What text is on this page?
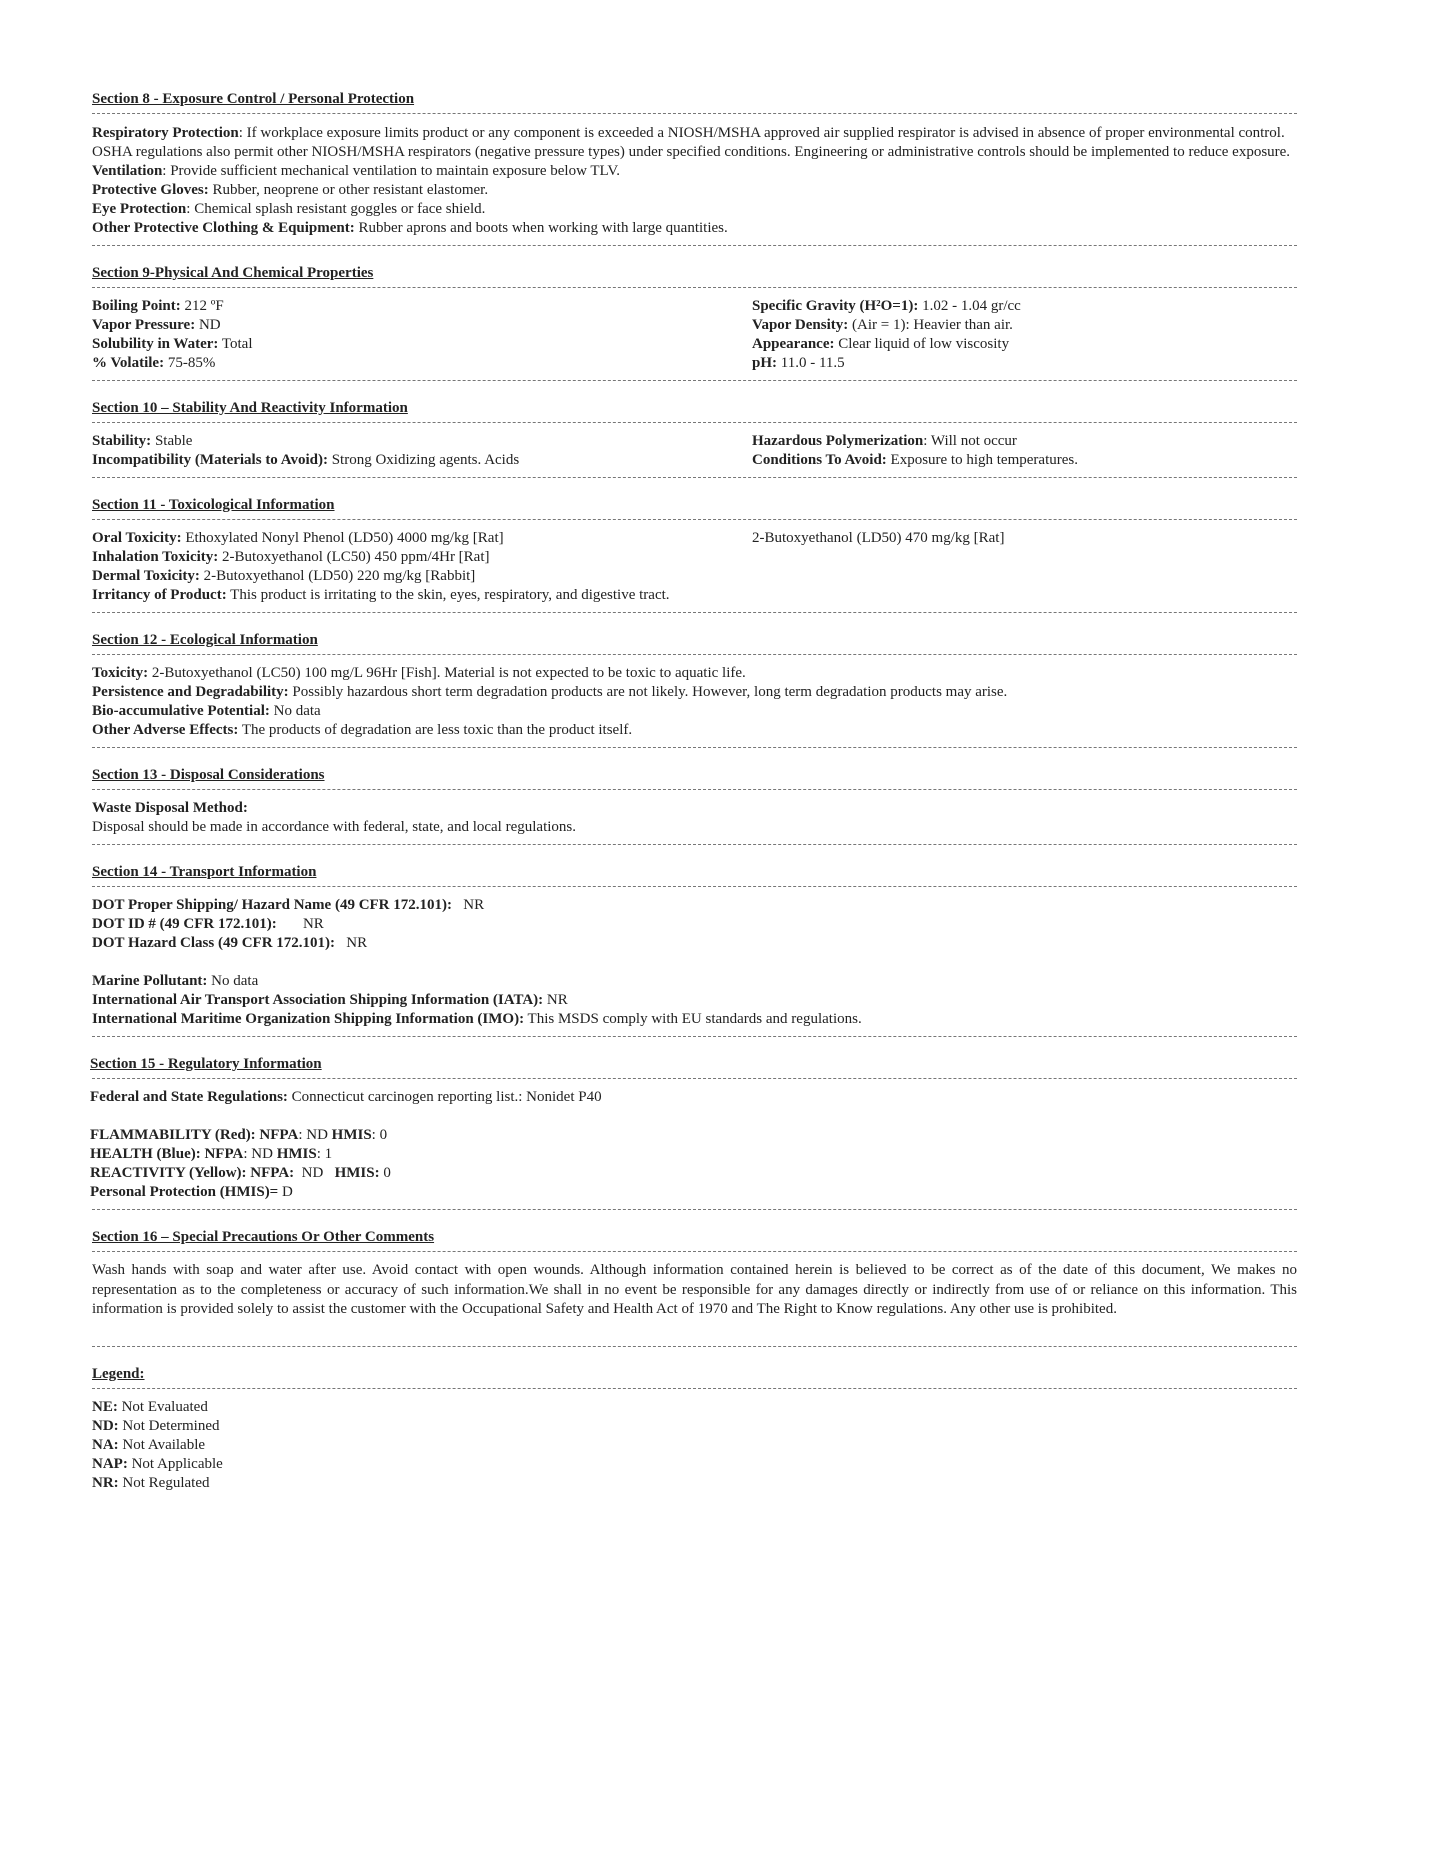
Section 8 - Exposure Control / Personal Protection
Respiratory Protection: If workplace exposure limits product or any component is exceeded a NIOSH/MSHA approved air supplied respirator is advised in absence of proper environmental control. OSHA regulations also permit other NIOSH/MSHA respirators (negative pressure types) under specified conditions. Engineering or administrative controls should be implemented to reduce exposure.
Ventilation: Provide sufficient mechanical ventilation to maintain exposure below TLV.
Protective Gloves: Rubber, neoprene or other resistant elastomer.
Eye Protection: Chemical splash resistant goggles or face shield.
Other Protective Clothing & Equipment: Rubber aprons and boots when working with large quantities.
Section 9-Physical And Chemical Properties
Boiling Point: 212 ºF
Vapor Pressure: ND
Solubility in Water: Total
% Volatile: 75-85%
Specific Gravity (H²O=1): 1.02 - 1.04 gr/cc
Vapor Density: (Air = 1): Heavier than air.
Appearance: Clear liquid of low viscosity
pH: 11.0 - 11.5
Section 10 – Stability And Reactivity Information
Stability: Stable
Incompatibility (Materials to Avoid): Strong Oxidizing agents. Acids
Hazardous Polymerization: Will not occur
Conditions To Avoid: Exposure to high temperatures.
Section 11 - Toxicological Information
Oral Toxicity: Ethoxylated Nonyl Phenol (LD50) 4000 mg/kg [Rat]	2-Butoxyethanol (LD50) 470 mg/kg [Rat]
Inhalation Toxicity: 2-Butoxyethanol (LC50) 450 ppm/4Hr [Rat]
Dermal Toxicity: 2-Butoxyethanol (LD50) 220 mg/kg [Rabbit]
Irritancy of Product: This product is irritating to the skin, eyes, respiratory, and digestive tract.
Section 12 - Ecological Information
Toxicity: 2-Butoxyethanol (LC50) 100 mg/L 96Hr [Fish]. Material is not expected to be toxic to aquatic life.
Persistence and Degradability: Possibly hazardous short term degradation products are not likely. However, long term degradation products may arise.
Bio-accumulative Potential: No data
Other Adverse Effects: The products of degradation are less toxic than the product itself.
Section 13 - Disposal Considerations
Waste Disposal Method:
Disposal should be made in accordance with federal, state, and local regulations.
Section 14 - Transport Information
DOT Proper Shipping/ Hazard Name (49 CFR 172.101):   NR
DOT ID # (49 CFR 172.101):       NR
DOT Hazard Class (49 CFR 172.101):   NR
Marine Pollutant: No data
International Air Transport Association Shipping Information (IATA): NR
International Maritime Organization Shipping Information (IMO): This MSDS comply with EU standards and regulations.
Section 15 - Regulatory Information
Federal and State Regulations: Connecticut carcinogen reporting list.: Nonidet P40
FLAMMABILITY (Red): NFPA: ND HMIS: 0
HEALTH (Blue): NFPA: ND HMIS: 1
REACTIVITY (Yellow): NFPA:  ND   HMIS: 0
Personal Protection (HMIS)= D
Section 16 – Special Precautions Or Other Comments
Wash hands with soap and water after use. Avoid contact with open wounds. Although information contained herein is believed to be correct as of the date of this document, We makes no representation as to the completeness or accuracy of such information.We shall in no event be responsible for any damages directly or indirectly from use of or reliance on this information. This information is provided solely to assist the customer with the Occupational Safety and Health Act of 1970 and The Right to Know regulations. Any other use is prohibited.
Legend:
NE: Not Evaluated
ND: Not Determined
NA: Not Available
NAP: Not Applicable
NR: Not Regulated
